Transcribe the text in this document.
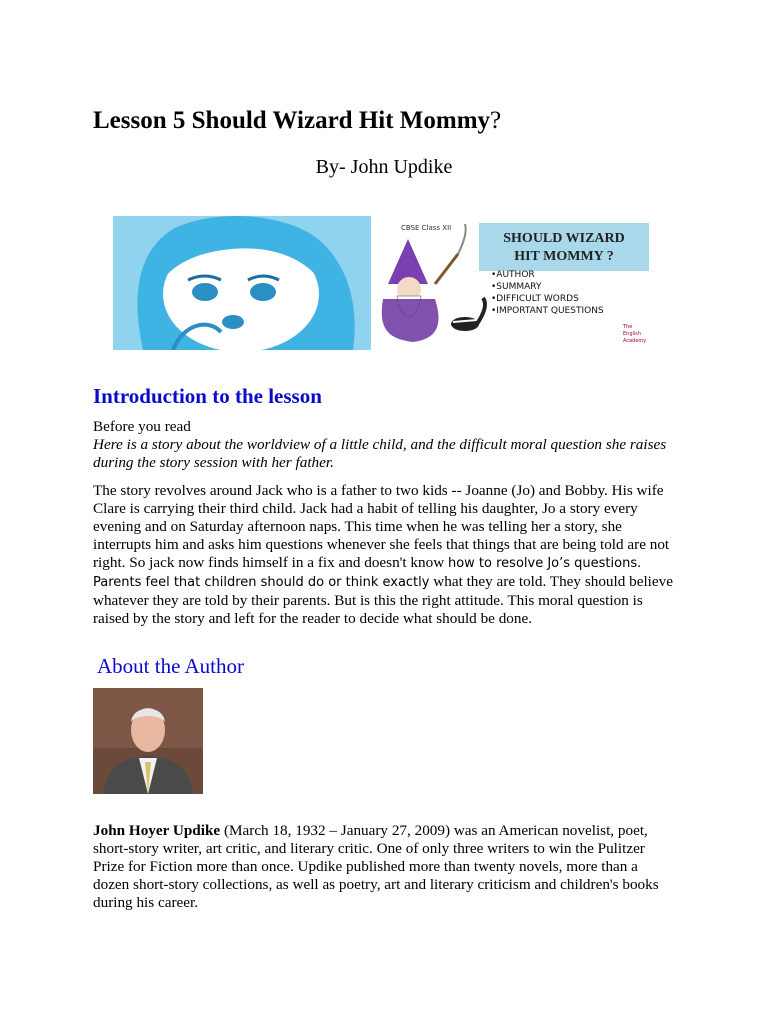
Lesson 5 Should Wizard Hit Mommy?
By- John Updike
CBSE Class XII
SHOULD WIZARD
HIT MOMMY ?
•AUTHOR
•SUMMARY
•DIFFICULT WORDS
•IMPORTANT QUESTIONS
The
English
Academy
Introduction to the lesson

Before you read

Here is a story about the worldview of a little child, and the difficult moral question she raises during the story session with her father.

The story revolves around Jack who is a father to two kids -- Joanne (Jo) and Bobby. His wife Clare is carrying their third child. Jack had a habit of telling his daughter, Jo a story every evening and on Saturday afternoon naps. This time when he was telling her a story, she interrupts him and asks him questions whenever she feels that things that are being told are not right. So jack now finds himself in a fix and doesn't know how to resolve Jo’s questions. Parents feel that children should do or think exactly what they are told. They should believe whatever they are told by their parents. But is this the right attitude. This moral question is raised by the story and left for the reader to decide what should be done.

About the Author

John Hoyer Updike (March 18, 1932 – January 27, 2009) was an American novelist, poet, short-story writer, art critic, and literary critic. One of only three writers to win the Pulitzer Prize for Fiction more than once. Updike published more than twenty novels, more than a dozen short-story collections, as well as poetry, art and literary criticism and children's books during his career.
